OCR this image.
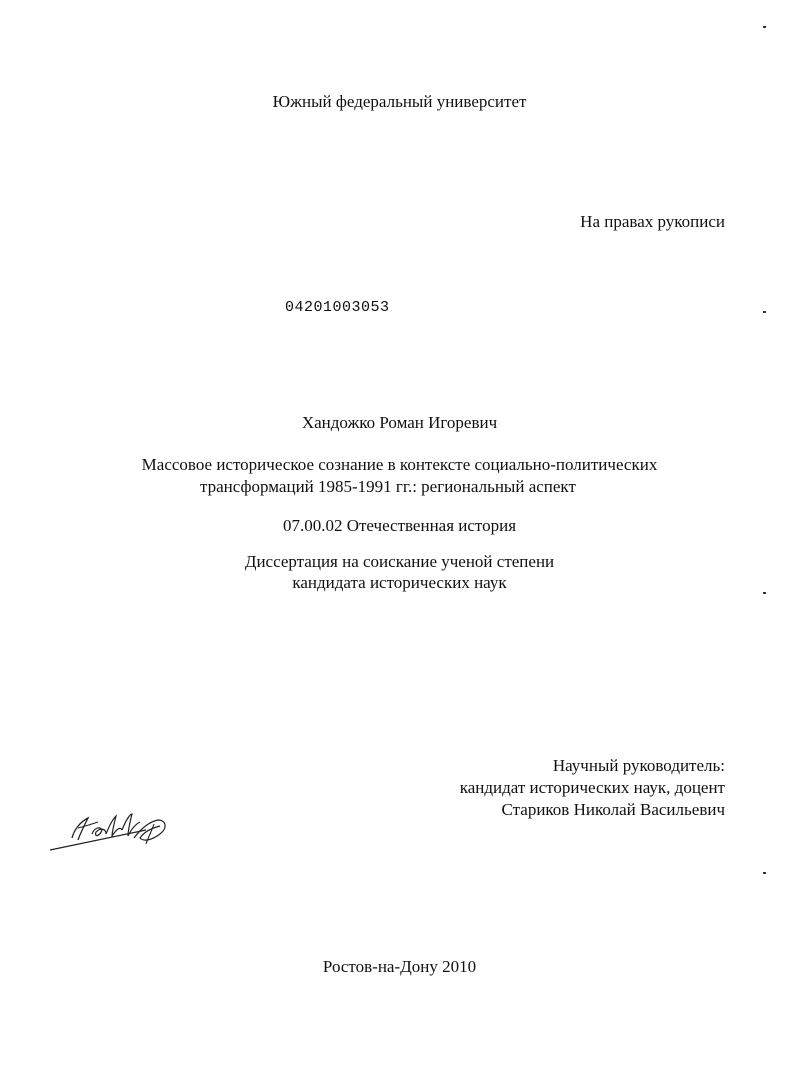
Южный федеральный университет
На правах рукописи
04201003053
Хандожко Роман Игоревич
Массовое историческое сознание в контексте социально-политических
трансформаций 1985-1991 гг.: региональный аспект
07.00.02 Отечественная история
Диссертация на соискание ученой степени
кандидата исторических наук
Научный руководитель:
кандидат исторических наук, доцент
Стариков Николай Васильевич
Ростов-на-Дону 2010
